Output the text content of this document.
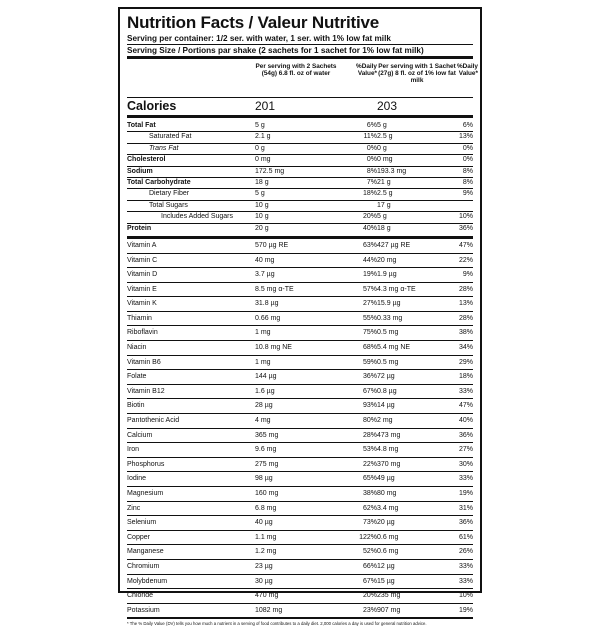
Nutrition Facts / Valeur Nutritive
Serving per container: 1/2 ser. with water, 1 ser. with 1% low fat milk
Serving Size / Portions par shake (2 sachets for 1 sachet for 1% low fat milk)
Per serving with 2 Sachets (54g) 6.8 fl. oz of water
%Daily Value*
Per serving with 1 Sachet (27g) 8 fl. oz of 1% low fat milk
%Daily Value*
Calories	201	203
Total Fat	5 g	6% 5 g	6%
Saturated Fat	2.1 g	11% 2.5 g	13%
Trans Fat	0 g	0% 0 g	0%
Cholesterol	0 mg	0% 0 mg	0%
Sodium	172.5 mg	8% 193.3 mg	8%
Total Carbohydrate	18 g	7% 21 g	8%
Dietary Fiber	5 g	18% 2.5 g	9%
Total Sugars	10 g	17 g
Includes Added Sugars	10 g	20% 5 g	10%
Protein	20 g	40% 18 g	36%
Vitamin A	570 µg RE	63% 427 µg RE	47%
Vitamin C	40 mg	44% 20 mg	22%
Vitamin D	3.7 µg	19% 1.9 µg	9%
Vitamin E	8.5 mg α-TE	57% 4.3 mg α-TE	28%
Vitamin K	31.8 µg	27% 15.9 µg	13%
Thiamin	0.66 mg	55% 0.33 mg	28%
Riboflavin	1 mg	75% 0.5 mg	38%
Niacin	10.8 mg NE	68% 5.4 mg NE	34%
Vitamin B6	1 mg	59% 0.5 mg	29%
Folate	144 µg	36% 72 µg	18%
Vitamin B12	1.6 µg	67% 0.8 µg	33%
Biotin	28 µg	93% 14 µg	47%
Pantothenic Acid	4 mg	80% 2 mg	40%
Calcium	365 mg	28% 473 mg	36%
Iron	9.6 mg	53% 4.8 mg	27%
Phosphorus	275 mg	22% 370 mg	30%
Iodine	98 µg	65% 49 µg	33%
Magnesium	160 mg	38% 80 mg	19%
Zinc	6.8 mg	62% 3.4 mg	31%
Selenium	40 µg	73% 20 µg	36%
Copper	1.1 mg	122% 0.6 mg	61%
Manganese	1.2 mg	52% 0.6 mg	26%
Chromium	23 µg	66% 12 µg	33%
Molybdenum	30 µg	67% 15 µg	33%
Chloride	470 mg	20% 235 mg	10%
Potassium	1082 mg	23% 907 mg	19%
* The % Daily Value (DV) tells you how much a nutrient in a serving of food contributes to a daily diet. 2,000 calories a day is used for general nutrition advice.
